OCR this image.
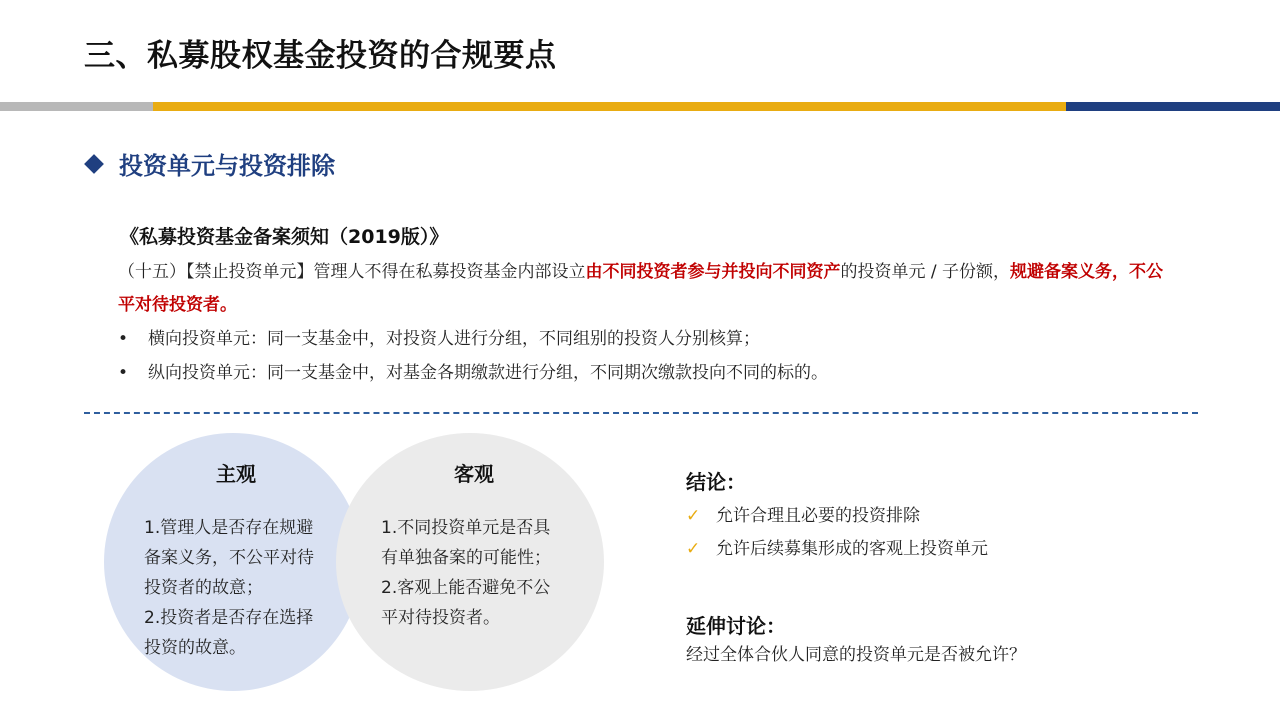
三、私募股权基金投资的合规要点
投资单元与投资排除
《私募投资基金备案须知（2019版）》
（十五）【禁止投资单元】管理人不得在私募投资基金内部设立由不同投资者参与并投向不同资产的投资单元 / 子份额，规避备案义务，不公平对待投资者。
•	横向投资单元：同一支基金中，对投资人进行分组，不同组别的投资人分别核算；
•	纵向投资单元：同一支基金中，对基金各期缴款进行分组，不同期次缴款投向不同的标的。
主观
1.管理人是否存在规避
备案义务，不公平对待
投资者的故意；
2.投资者是否存在选择
投资的故意。
客观
1.不同投资单元是否具
有单独备案的可能性；
2.客观上能否避免不公
平对待投资者。
结论：
✓ 允许合理且必要的投资排除
✓ 允许后续募集形成的客观上投资单元
延伸讨论：
经过全体合伙人同意的投资单元是否被允许？
